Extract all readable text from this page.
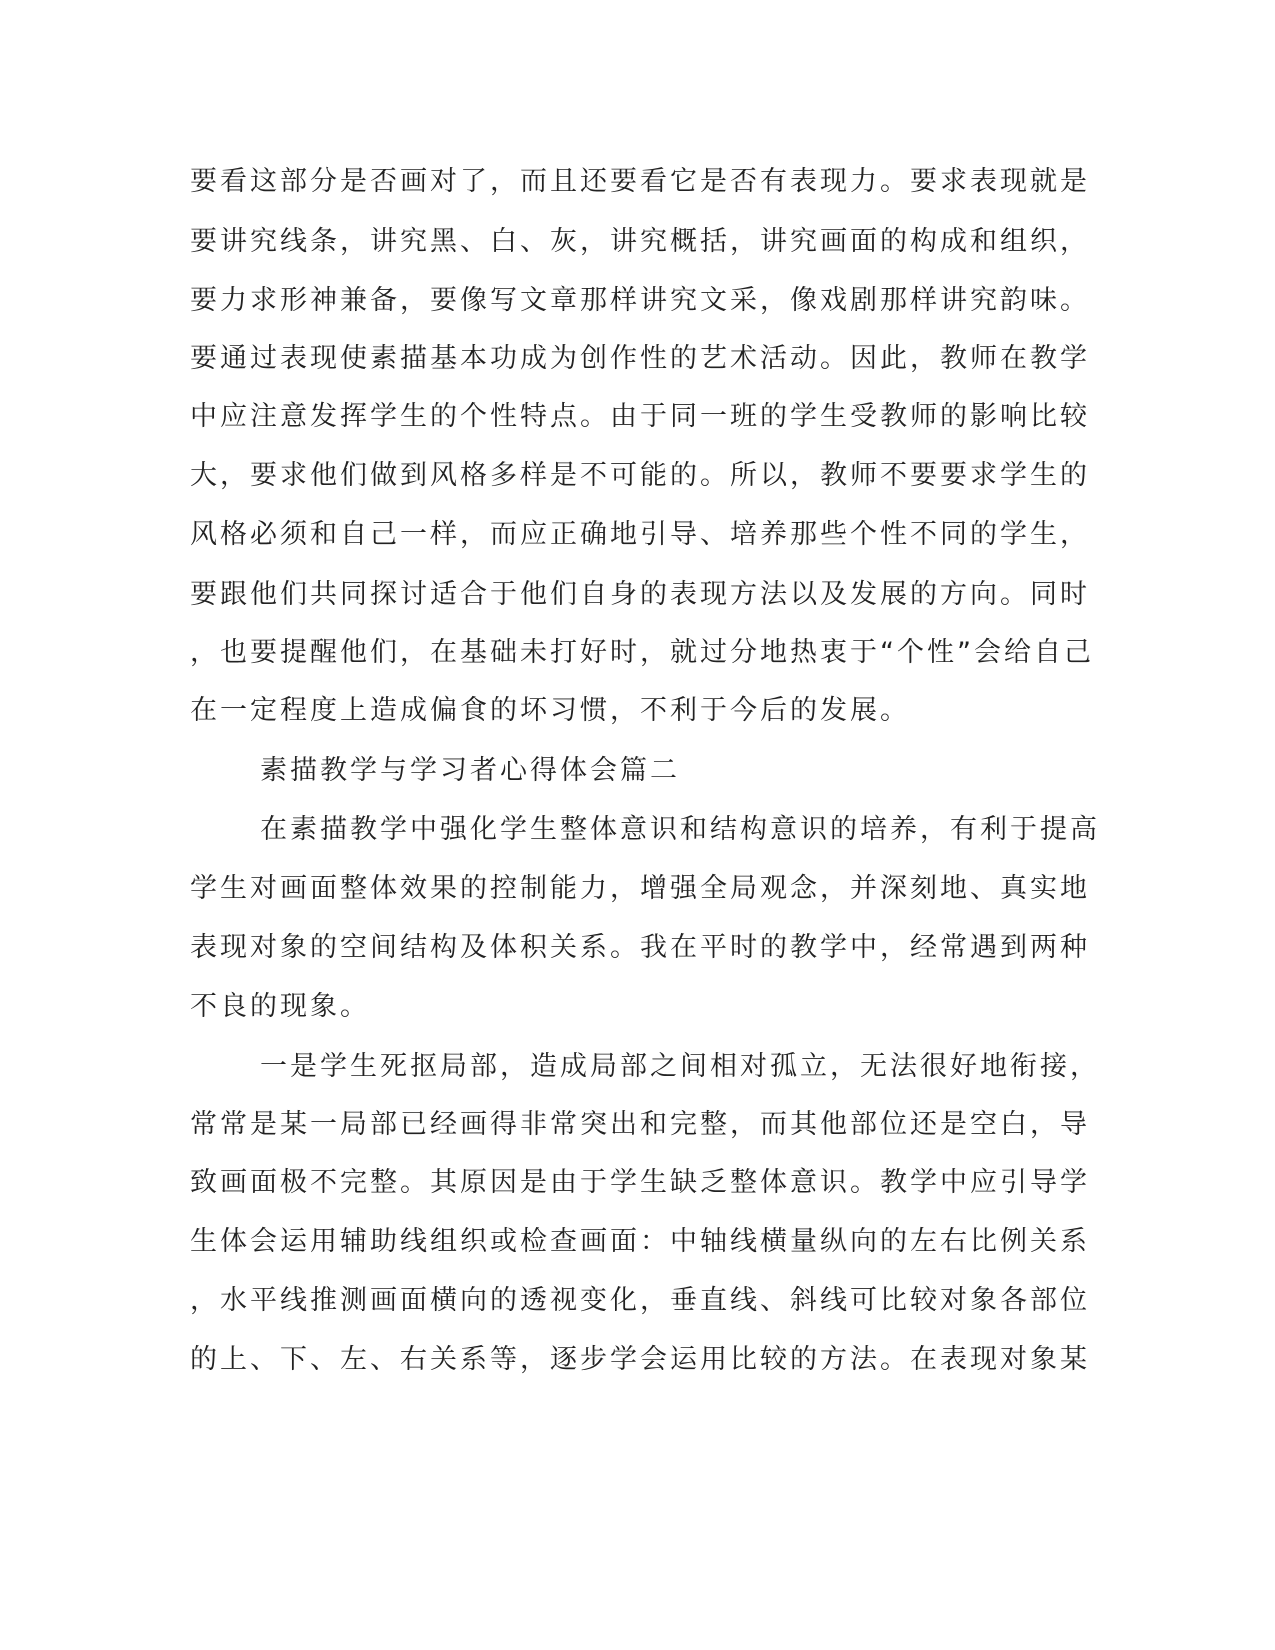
要看这部分是否画对了，而且还要看它是否有表现力。要求表现就是
要讲究线条，讲究黑、白、灰，讲究概括，讲究画面的构成和组织，
要力求形神兼备，要像写文章那样讲究文采，像戏剧那样讲究韵味。
要通过表现使素描基本功成为创作性的艺术活动。因此，教师在教学
中应注意发挥学生的个性特点。由于同一班的学生受教师的影响比较
大，要求他们做到风格多样是不可能的。所以，教师不要要求学生的
风格必须和自己一样，而应正确地引导、培养那些个性不同的学生，
要跟他们共同探讨适合于他们自身的表现方法以及发展的方向。同时
，也要提醒他们，在基础未打好时，就过分地热衷于“个性”会给自己
在一定程度上造成偏食的坏习惯，不利于今后的发展。
素描教学与学习者心得体会篇二
在素描教学中强化学生整体意识和结构意识的培养，有利于提高
学生对画面整体效果的控制能力，增强全局观念，并深刻地、真实地
表现对象的空间结构及体积关系。我在平时的教学中，经常遇到两种
不良的现象。
一是学生死抠局部，造成局部之间相对孤立，无法很好地衔接，
常常是某一局部已经画得非常突出和完整，而其他部位还是空白，导
致画面极不完整。其原因是由于学生缺乏整体意识。教学中应引导学
生体会运用辅助线组织或检查画面：中轴线横量纵向的左右比例关系
，水平线推测画面横向的透视变化，垂直线、斜线可比较对象各部位
的上、下、左、右关系等，逐步学会运用比较的方法。在表现对象某
